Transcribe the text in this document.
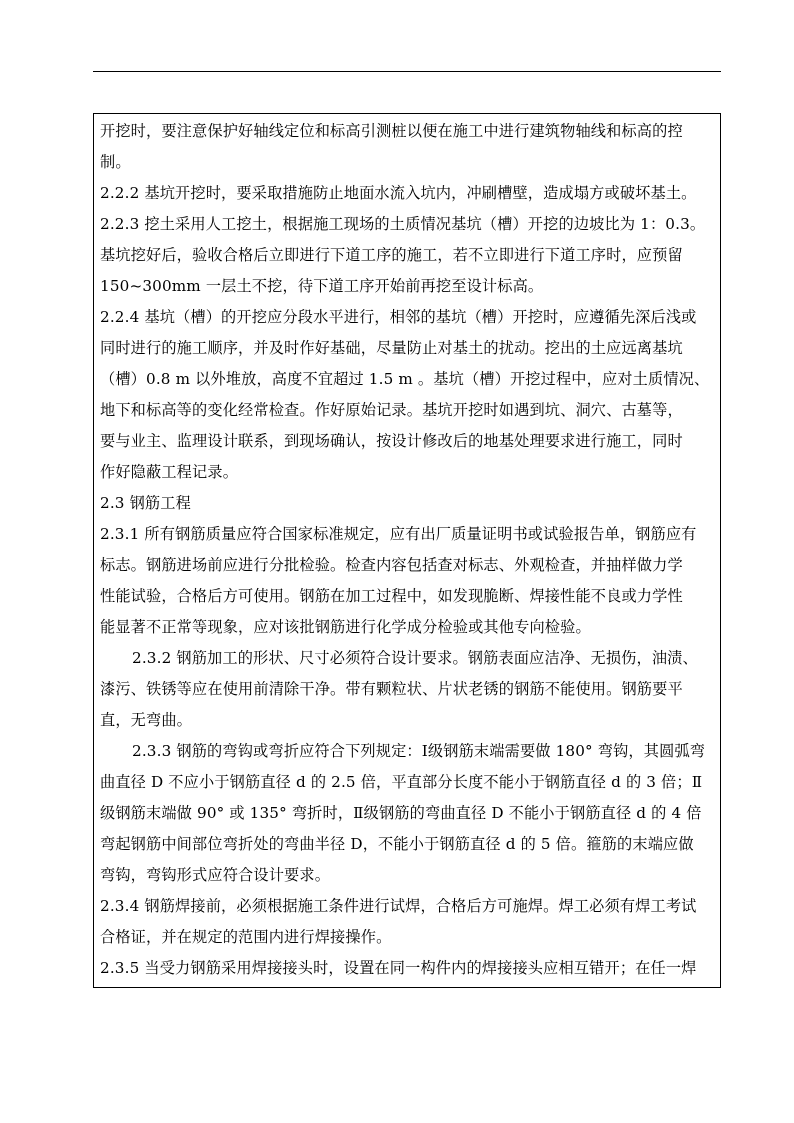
开挖时，要注意保护好轴线定位和标高引测桩以便在施工中进行建筑物轴线和标高的控
制。
2.2.2 基坑开挖时，要采取措施防止地面水流入坑内，冲刷槽壁，造成塌方或破坏基土。
2.2.3 挖土采用人工挖土，根据施工现场的土质情况基坑（槽）开挖的边坡比为 1：0.3。
基坑挖好后，验收合格后立即进行下道工序的施工，若不立即进行下道工序时，应预留
150~300mm 一层土不挖，待下道工序开始前再挖至设计标高。
2.2.4 基坑（槽）的开挖应分段水平进行，相邻的基坑（槽）开挖时，应遵循先深后浅或
同时进行的施工顺序，并及时作好基础，尽量防止对基土的扰动。挖出的土应远离基坑
（槽）0.8 m 以外堆放，高度不宜超过 1.5 m 。基坑（槽）开挖过程中，应对土质情况、
地下和标高等的变化经常检查。作好原始记录。基坑开挖时如遇到坑、洞穴、古墓等，
要与业主、监理设计联系，到现场确认，按设计修改后的地基处理要求进行施工，同时
作好隐蔽工程记录。
2.3 钢筋工程
2.3.1 所有钢筋质量应符合国家标准规定，应有出厂质量证明书或试验报告单，钢筋应有
标志。钢筋进场前应进行分批检验。检查内容包括查对标志、外观检查，并抽样做力学
性能试验，合格后方可使用。钢筋在加工过程中，如发现脆断、焊接性能不良或力学性
能显著不正常等现象，应对该批钢筋进行化学成分检验或其他专向检验。
2.3.2 钢筋加工的形状、尺寸必须符合设计要求。钢筋表面应洁净、无损伤，油渍、
漆污、铁锈等应在使用前清除干净。带有颗粒状、片状老锈的钢筋不能使用。钢筋要平
直，无弯曲。
2.3.3 钢筋的弯钩或弯折应符合下列规定：Ⅰ级钢筋末端需要做 180° 弯钩，其圆弧弯
曲直径 D 不应小于钢筋直径 d 的 2.5 倍，平直部分长度不能小于钢筋直径 d 的 3 倍；Ⅱ
级钢筋末端做 90° 或 135° 弯折时，Ⅱ级钢筋的弯曲直径 D 不能小于钢筋直径 d 的 4 倍
弯起钢筋中间部位弯折处的弯曲半径 D，不能小于钢筋直径 d 的 5 倍。箍筋的末端应做
弯钩，弯钩形式应符合设计要求。
2.3.4 钢筋焊接前，必须根据施工条件进行试焊，合格后方可施焊。焊工必须有焊工考试
合格证，并在规定的范围内进行焊接操作。
2.3.5 当受力钢筋采用焊接接头时，设置在同一构件内的焊接接头应相互错开；在任一焊
